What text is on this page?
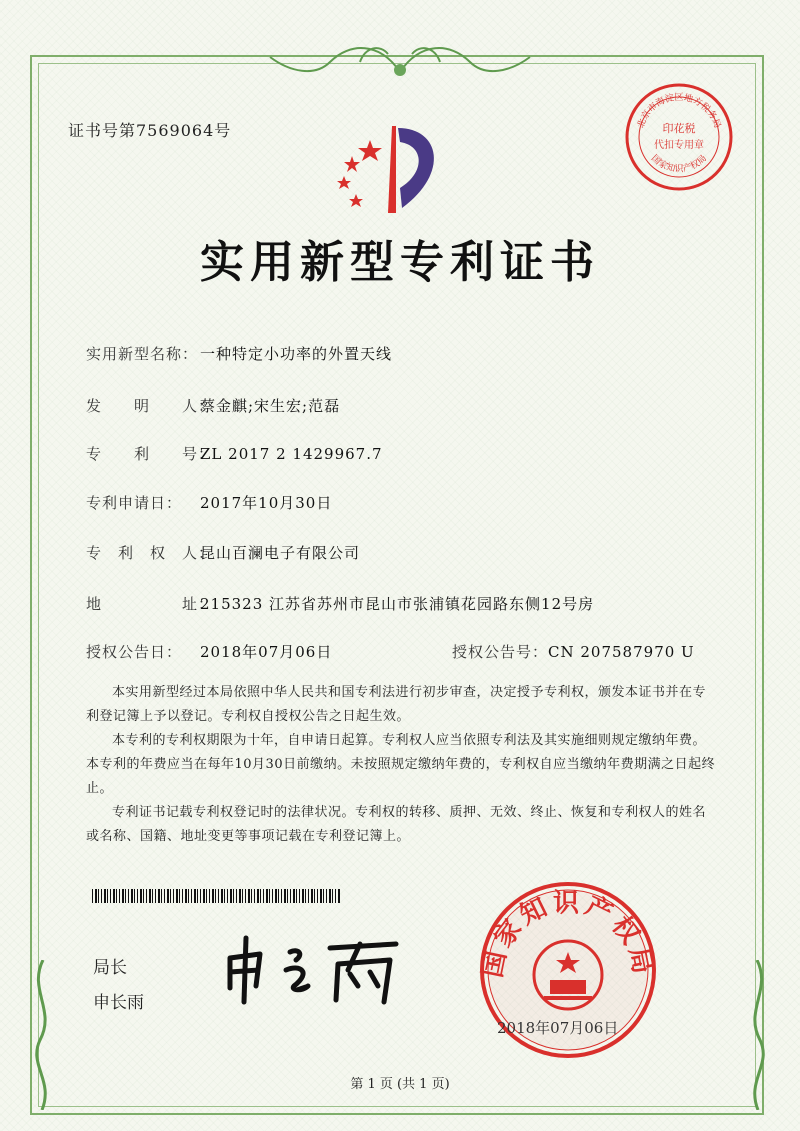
证书号第7569064号	北京市海淀区地方税务局
国家知识产权局
印花税
代扣专用章
实用新型专利证书
实用新型名称： 一种特定小功率的外置天线
发　　明　　人：蔡金麒;宋生宏;范磊
专　　利　　号：ZL 2017 2 1429967.7
专利申请日： 2017年10月30日
专　利　权　人：昆山百澜电子有限公司
地　　　　　址：215323 江苏省苏州市昆山市张浦镇花园路东侧12号房
授权公告日： 2018年07月06日	授权公告号：CN 207587970 U
本实用新型经过本局依照中华人民共和国专利法进行初步审查，决定授予专利权，颁发本证书并在专利登记簿上予以登记。专利权自授权公告之日起生效。
本专利的专利权期限为十年，自申请日起算。专利权人应当依照专利法及其实施细则规定缴纳年费。本专利的年费应当在每年10月30日前缴纳。未按照规定缴纳年费的，专利权自应当缴纳年费期满之日起终止。
专利证书记载专利权登记时的法律状况。专利权的转移、质押、无效、终止、恢复和专利权人的姓名或名称、国籍、地址变更等事项记载在专利登记簿上。
局长
申长雨
国家知识产权局
2018年07月06日
第 1 页 (共 1 页)
